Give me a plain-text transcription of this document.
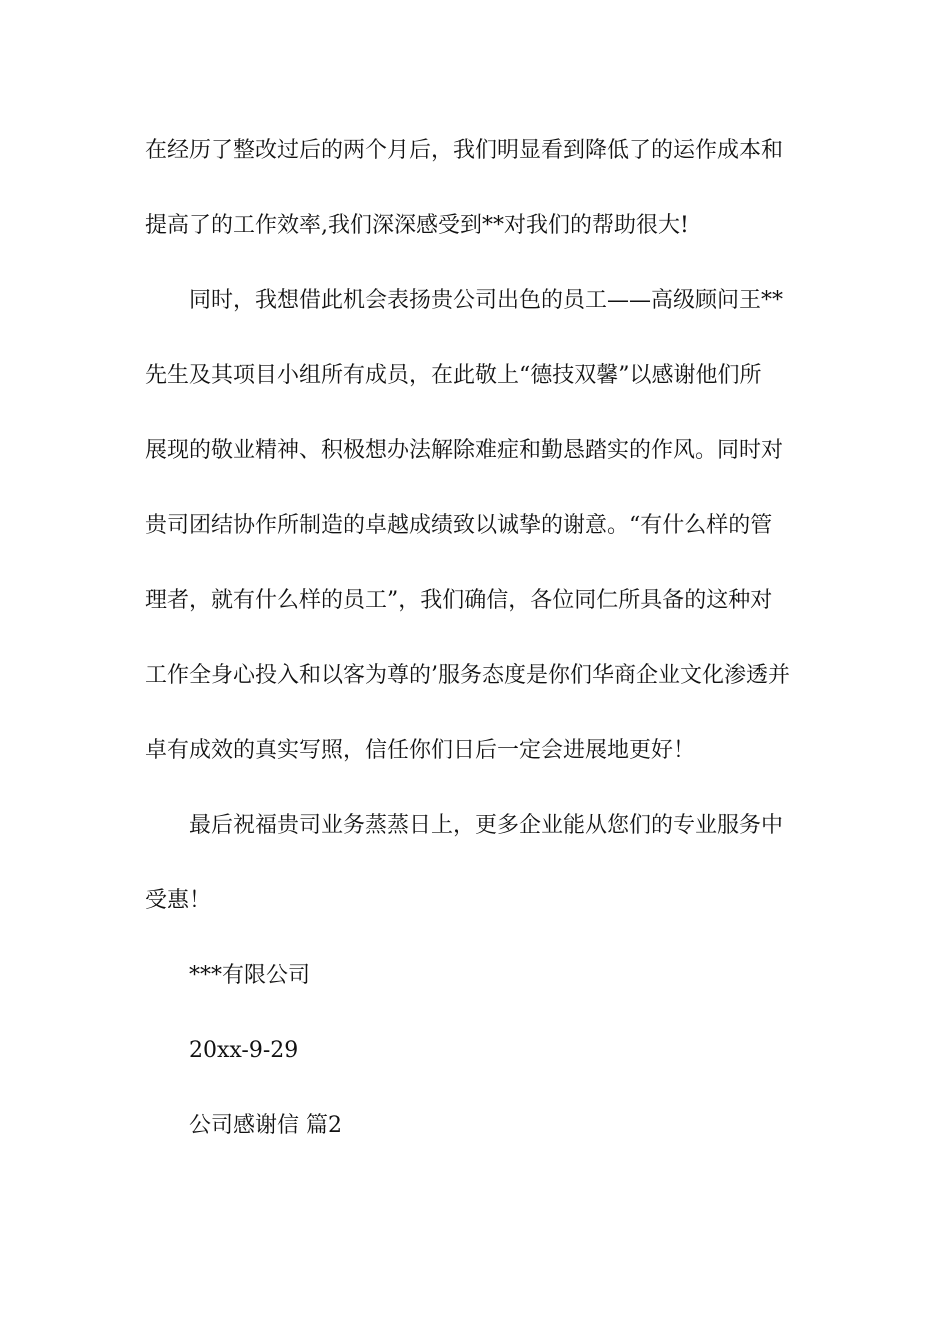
在经历了整改过后的两个月后，我们明显看到降低了的运作成本和
提高了的工作效率,我们深深感受到**对我们的帮助很大!
同时，我想借此机会表扬贵公司出色的员工——高级顾问王**
先生及其项目小组所有成员，在此敬上“德技双馨”以感谢他们所
展现的敬业精神、积极想办法解除难症和勤恳踏实的作风。同时对
贵司团结协作所制造的卓越成绩致以诚挚的谢意。“有什么样的管
理者，就有什么样的员工”，我们确信，各位同仁所具备的这种对
工作全身心投入和以客为尊的’服务态度是你们华商企业文化渗透并
卓有成效的真实写照，信任你们日后一定会进展地更好！
最后祝福贵司业务蒸蒸日上，更多企业能从您们的专业服务中
受惠！
***有限公司
20xx-9-29
公司感谢信 篇2
